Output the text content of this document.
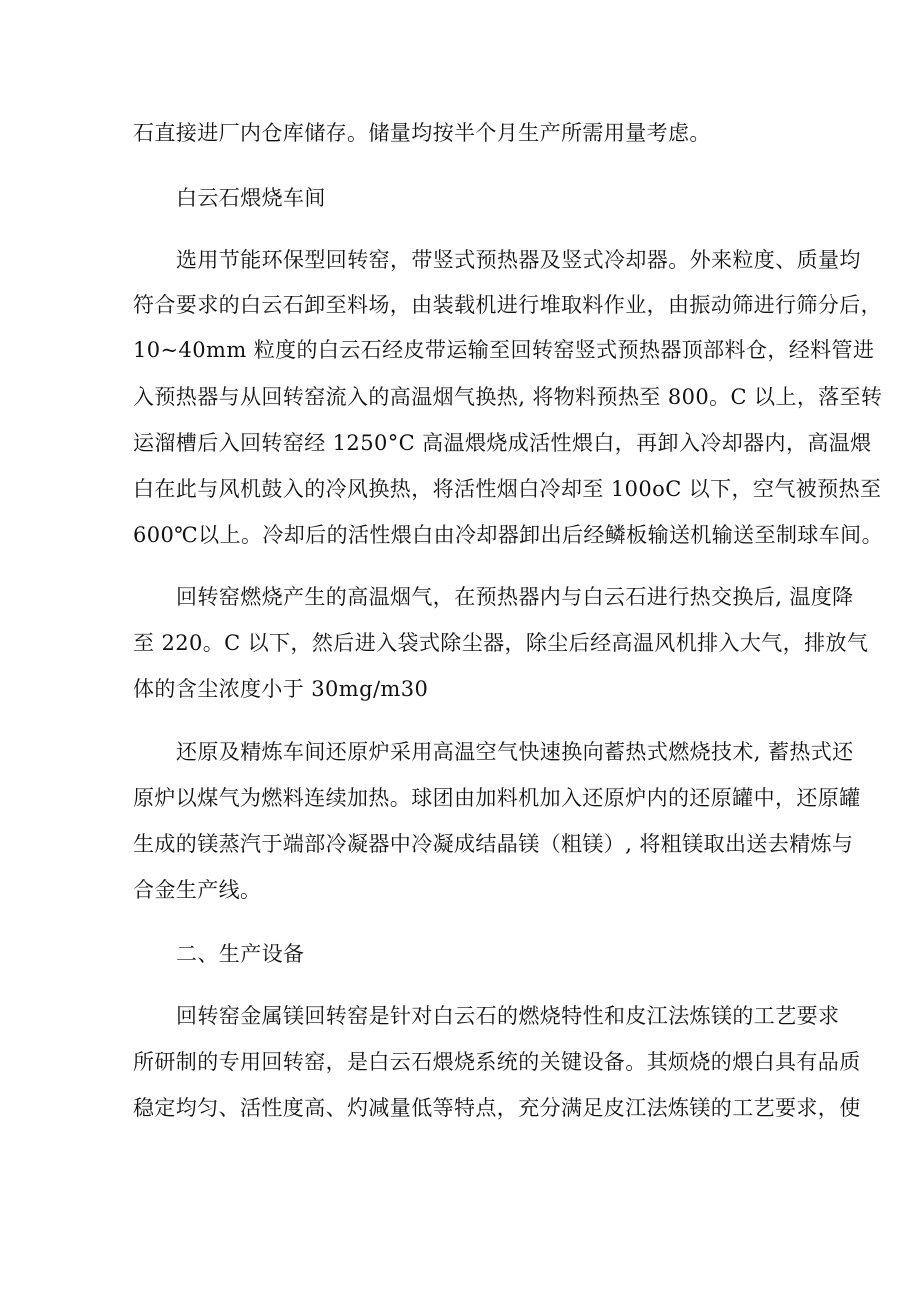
石直接进厂内仓库储存。储量均按半个月生产所需用量考虑。
白云石煨烧车间
选用节能环保型回转窑，带竖式预热器及竖式冷却器。外来粒度、质量均
符合要求的白云石卸至料场，由装载机进行堆取料作业，由振动筛进行筛分后，
10~40mm 粒度的白云石经皮带运输至回转窑竖式预热器顶部料仓，经料管进
入预热器与从回转窑流入的高温烟气换热, 将物料预热至 800。C 以上，落至转
运溜槽后入回转窑经 1250°C 高温煨烧成活性煨白，再卸入冷却器内，高温煨
白在此与风机鼓入的冷风换热，将活性烟白冷却至 100oC 以下，空气被预热至
600℃以上。冷却后的活性煨白由冷却器卸出后经鳞板输送机输送至制球车间。
回转窑燃烧产生的高温烟气，在预热器内与白云石进行热交换后, 温度降
至 220。C 以下，然后进入袋式除尘器，除尘后经高温风机排入大气，排放气
体的含尘浓度小于 30mg∕m30
还原及精炼车间还原炉采用高温空气快速换向蓄热式燃烧技术, 蓄热式还
原炉以煤气为燃料连续加热。球团由加料机加入还原炉内的还原罐中，还原罐
生成的镁蒸汽于端部冷凝器中冷凝成结晶镁（粗镁）, 将粗镁取出送去精炼与
合金生产线。
二、生产设备
回转窑金属镁回转窑是针对白云石的燃烧特性和皮江法炼镁的工艺要求
所研制的专用回转窑，是白云石煨烧系统的关键设备。其烦烧的煨白具有品质
稳定均匀、活性度高、灼减量低等特点，充分满足皮江法炼镁的工艺要求，使
